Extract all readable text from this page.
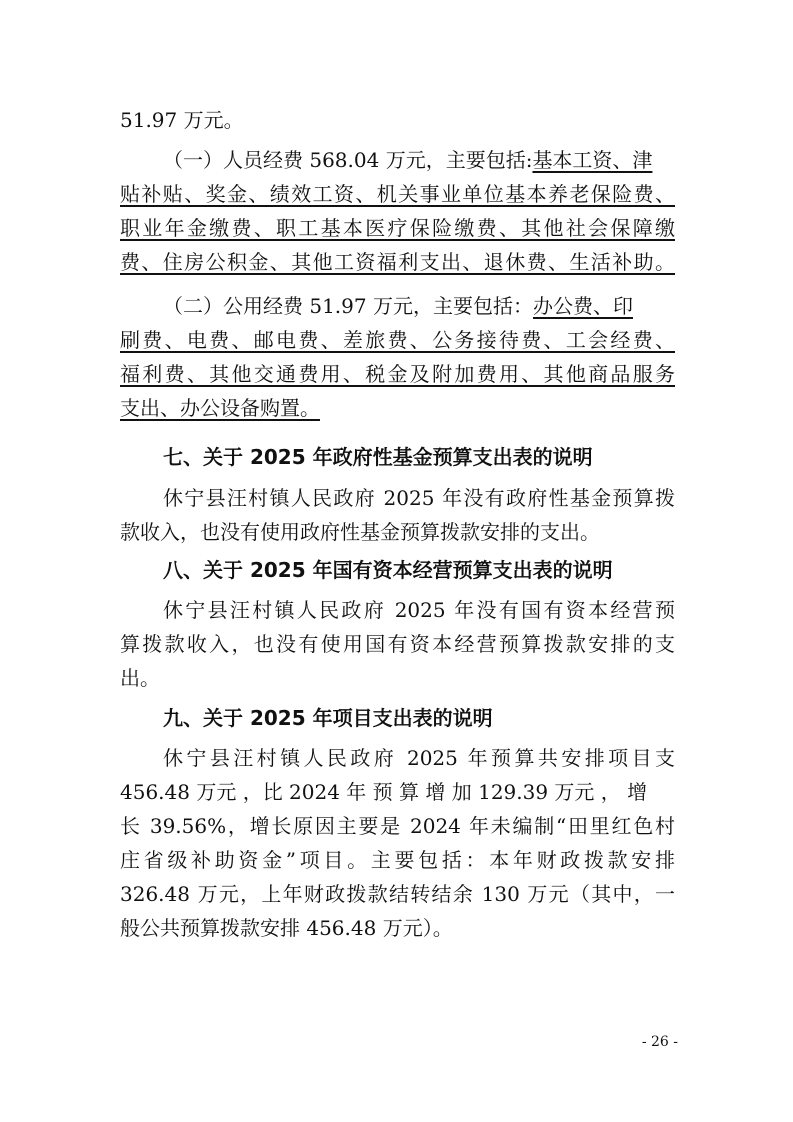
51.97 万元。
（一）人员经费 568.04 万元，主要包括:基本工资、津
贴补贴、奖金、绩效工资、机关事业单位基本养老保险费、
职业年金缴费、职工基本医疗保险缴费、其他社会保障缴
费、住房公积金、其他工资福利支出、退休费、生活补助。
（二）公用经费 51.97 万元，主要包括：办公费、印
刷费、电费、邮电费、差旅费、公务接待费、工会经费、
福利费、其他交通费用、税金及附加费用、其他商品服务
支出、办公设备购置。
七、关于 2025 年政府性基金预算支出表的说明
休宁县汪村镇人民政府 2025 年没有政府性基金预算拨
款收入，也没有使用政府性基金预算拨款安排的支出。
八、关于 2025 年国有资本经营预算支出表的说明
休宁县汪村镇人民政府 2025 年没有国有资本经营预
算拨款收入，也没有使用国有资本经营预算拨款安排的支
出。
九、关于 2025 年项目支出表的说明
休宁县汪村镇人民政府 2025 年预算共安排项目支
456.48 万元 ，比 2024 年 预 算 增 加 129.39 万元 ， 增
长 39.56%，增长原因主要是 2024 年未编制“田里红色村
庄省级补助资金”项目。主要包括：本年财政拨款安排
326.48 万元，上年财政拨款结转结余 130 万元（其中，一
般公共预算拨款安排 456.48 万元）。
- 26 -
